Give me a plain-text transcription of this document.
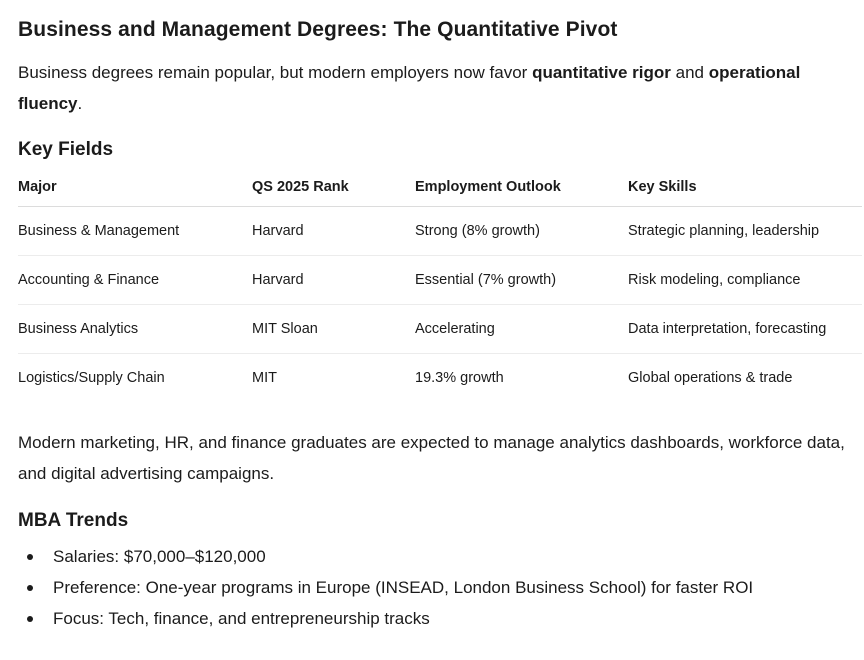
Business and Management Degrees: The Quantitative Pivot

Business degrees remain popular, but modern employers now favor quantitative rigor and operational fluency.

Key Fields
Major	QS 2025 Rank	Employment Outlook	Key Skills
Business & Management	Harvard	Strong (8% growth)	Strategic planning, leadership
Accounting & Finance	Harvard	Essential (7% growth)	Risk modeling, compliance
Business Analytics	MIT Sloan	Accelerating	Data interpretation, forecasting
Logistics/Supply Chain	MIT	19.3% growth	Global operations & trade

Modern marketing, HR, and finance graduates are expected to manage analytics dashboards, workforce data, and digital advertising campaigns.

MBA Trends
Salaries: $70,000–$120,000
Preference: One-year programs in Europe (INSEAD, London Business School) for faster ROI
Focus: Tech, finance, and entrepreneurship tracks
